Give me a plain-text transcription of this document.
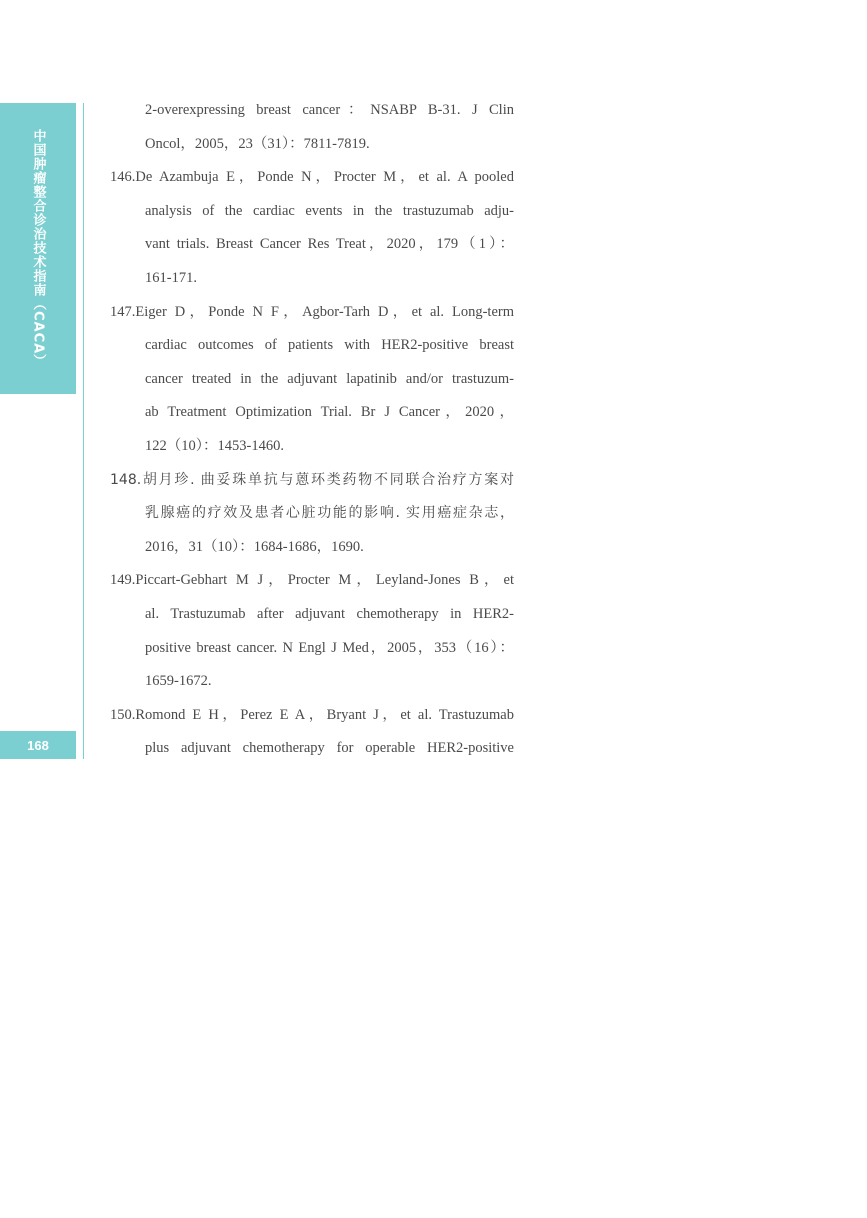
中国肿瘤整合诊治技术指南（CACA）
168
2-overexpressing breast cancer：NSABP B-31. J Clin
Oncol，2005，23（31）：7811-7819.
146.De Azambuja E，Ponde N，Procter M，et al. A pooled
analysis of the cardiac events in the trastuzumab adju-
vant trials. Breast Cancer Res Treat，2020，179（1）：
161-171.
147.Eiger D，Ponde N F，Agbor-Tarh D，et al. Long-term
cardiac outcomes of patients with HER2-positive breast
cancer treated in the adjuvant lapatinib and/or trastuzum-
ab Treatment Optimization Trial. Br J Cancer，2020，
122（10）：1453-1460.
148.胡月珍. 曲妥珠单抗与蒽环类药物不同联合治疗方案对
乳腺癌的疗效及患者心脏功能的影响. 实用癌症杂志，
2016，31（10）：1684-1686，1690.
149.Piccart-Gebhart M J，Procter M，Leyland-Jones B，et
al. Trastuzumab after adjuvant chemotherapy in HER2-
positive breast cancer. N Engl J Med，2005，353（16）：
1659-1672.
150.Romond E H，Perez E A，Bryant J，et al. Trastuzumab
plus adjuvant chemotherapy for operable HER2-positive
